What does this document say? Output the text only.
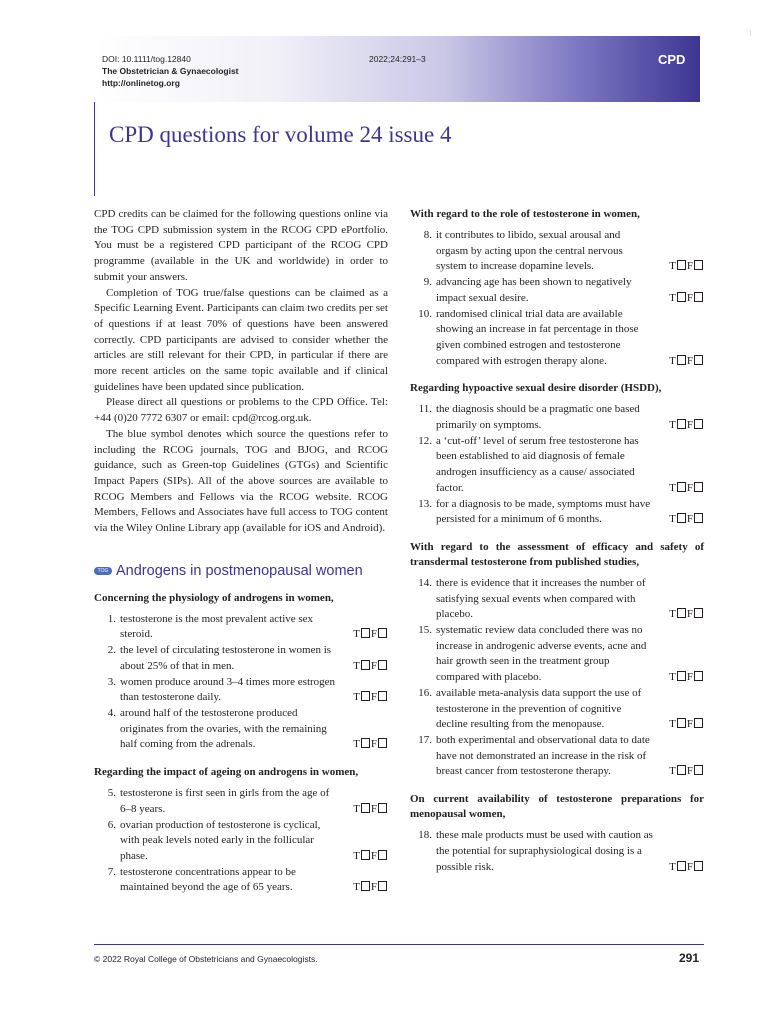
DOI: 10.1111/tog.12840
The Obstetrician & Gynaecologist
http://onlinetog.org
2022;24:291–3	CPD
CPD questions for volume 24 issue 4
…

CPD credits can be claimed for the following questions online via the TOG CPD submission system in the RCOG CPD ePortfolio. You must be a registered CPD participant of the RCOG CPD programme (available in the UK and worldwide) in order to submit your answers.

Completion of TOG true/false questions can be claimed as a Specific Learning Event. Participants can claim two credits per set of questions if at least 70% of questions have been answered correctly. CPD participants are advised to consider whether the articles are still relevant for their CPD, in particular if there are more recent articles on the same topic available and if clinical guidelines have been updated since publication.

Please direct all questions or problems to the CPD Office. Tel: +44 (0)20 7772 6307 or email: cpd@rcog.org.uk.

The blue symbol denotes which source the questions refer to including the RCOG journals, TOG and BJOG, and RCOG guidance, such as Green-top Guidelines (GTGs) and Scientific Impact Papers (SIPs). All of the above sources are available to RCOG Members and Fellows via the RCOG website. RCOG Members, Fellows and Associates have full access to TOG content via the Wiley Online Library app (available for iOS and Android).

TOG Androgens in postmenopausal women
Concerning the physiology of androgens in women,
1. testosterone is the most prevalent active sex steroid.	T F
2. the level of circulating testosterone in women is about 25% of that in men.	T F
3. women produce around 3–4 times more estrogen than testosterone daily.	T F
4. around half of the testosterone produced originates from the ovaries, with the remaining half coming from the adrenals.	T F
Regarding the impact of ageing on androgens in women,
5. testosterone is first seen in girls from the age of 6–8 years.	T F
6. ovarian production of testosterone is cyclical, with peak levels noted early in the follicular phase.	T F
7. testosterone concentrations appear to be maintained beyond the age of 65 years.	T F
With regard to the role of testosterone in women,
8. it contributes to libido, sexual arousal and orgasm by acting upon the central nervous system to increase dopamine levels.	T F
9. advancing age has been shown to negatively impact sexual desire.	T F
10. randomised clinical trial data are available showing an increase in fat percentage in those given combined estrogen and testosterone compared with estrogen therapy alone.	T F
Regarding hypoactive sexual desire disorder (HSDD),
11. the diagnosis should be a pragmatic one based primarily on symptoms.	T F
12. a ‘cut-off’ level of serum free testosterone has been established to aid diagnosis of female androgen insufficiency as a cause/ associated factor.	T F
13. for a diagnosis to be made, symptoms must have persisted for a minimum of 6 months.	T F
With regard to the assessment of efficacy and safety of transdermal testosterone from published studies,
14. there is evidence that it increases the number of satisfying sexual events when compared with placebo.	T F
15. systematic review data concluded there was no increase in androgenic adverse events, acne and hair growth seen in the treatment group compared with placebo.	T F
16. available meta-analysis data support the use of testosterone in the prevention of cognitive decline resulting from the menopause.	T F
17. both experimental and observational data to date have not demonstrated an increase in the risk of breast cancer from testosterone therapy.	T F
On current availability of testosterone preparations for menopausal women,
18. these male products must be used with caution as the potential for supraphysiological dosing is a possible risk.	T F
© 2022 Royal College of Obstetricians and Gynaecologists.	291
